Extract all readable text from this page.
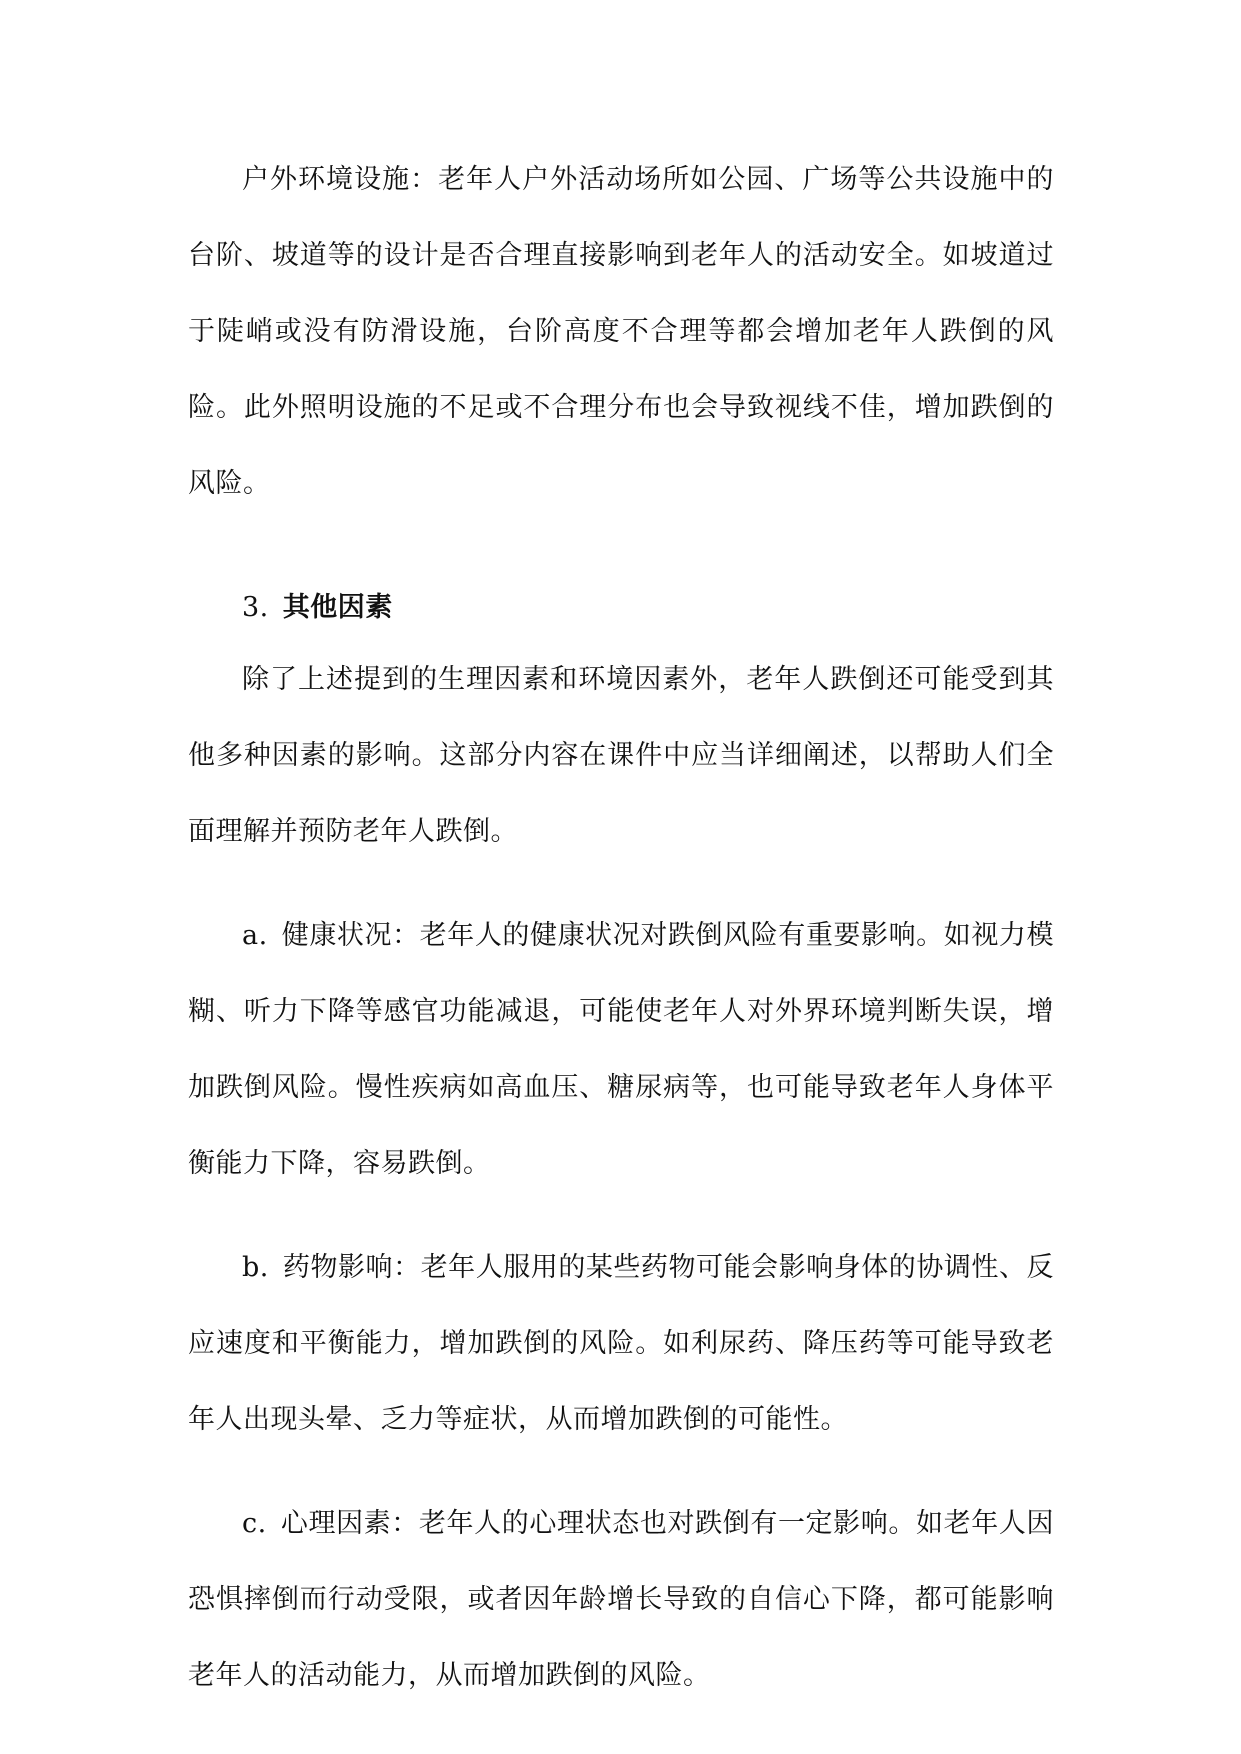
户外环境设施：老年人户外活动场所如公园、广场等公共设施中的台阶、坡道等的设计是否合理直接影响到老年人的活动安全。如坡道过于陡峭或没有防滑设施，台阶高度不合理等都会增加老年人跌倒的风险。此外照明设施的不足或不合理分布也会导致视线不佳，增加跌倒的风险。

3. 其他因素

除了上述提到的生理因素和环境因素外，老年人跌倒还可能受到其他多种因素的影响。这部分内容在课件中应当详细阐述，以帮助人们全面理解并预防老年人跌倒。

a. 健康状况：老年人的健康状况对跌倒风险有重要影响。如视力模糊、听力下降等感官功能减退，可能使老年人对外界环境判断失误，增加跌倒风险。慢性疾病如高血压、糖尿病等，也可能导致老年人身体平衡能力下降，容易跌倒。

b. 药物影响：老年人服用的某些药物可能会影响身体的协调性、反应速度和平衡能力，增加跌倒的风险。如利尿药、降压药等可能导致老年人出现头晕、乏力等症状，从而增加跌倒的可能性。

c. 心理因素：老年人的心理状态也对跌倒有一定影响。如老年人因恐惧摔倒而行动受限，或者因年龄增长导致的自信心下降，都可能影响老年人的活动能力，从而增加跌倒的风险。
